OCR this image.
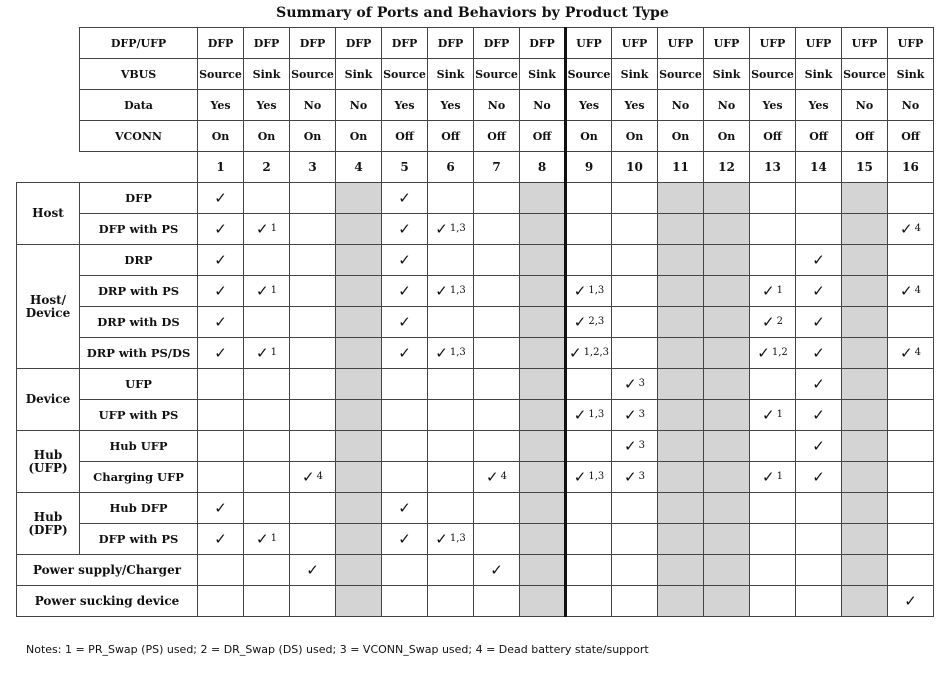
Summary of Ports and Behaviors by Product Type
	DFP/UFP	DFP	DFP	DFP	DFP	DFP	DFP	DFP	DFP	UFP	UFP	UFP	UFP	UFP	UFP	UFP	UFP
	VBUS	Source	Sink	Source	Sink	Source	Sink	Source	Sink	Source	Sink	Source	Sink	Source	Sink	Source	Sink
	Data	Yes	Yes	No	No	Yes	Yes	No	No	Yes	Yes	No	No	Yes	Yes	No	No
	VCONN	On	On	On	On	Off	Off	Off	Off	On	On	On	On	Off	Off	Off	Off
		1	2	3	4	5	6	7	8	9	10	11	12	13	14	15	16
Host	DFP	✓				✓											
	DFP with PS	✓	✓ $^1$			✓	✓ $^{1,3}$										✓ $^4$
Host/ Device	DRP	✓				✓									✓		
	DRP with PS	✓	✓ $^1$			✓	✓ $^{1,3}$			✓ $^{1,3}$				✓ $^1$	✓		✓ $^4$
	DRP with DS	✓				✓				✓ $^{2,3}$				✓ $^2$	✓		
	DRP with PS/DS	✓	✓ $^1$			✓	✓ $^{1,3}$			✓ $^{1,2,3}$				✓ $^{1,2}$	✓		✓ $^4$
Device	UFP										✓ $^3$				✓		
	UFP with PS									✓ $^{1,3}$	✓ $^3$			✓ $^1$	✓		
Hub (UFP)	Hub UFP										✓ $^3$				✓		
	Charging UFP			✓ $^4$				✓ $^4$		✓ $^{1,3}$	✓ $^3$			✓ $^1$	✓		
Hub (DFP)	Hub DFP	✓				✓											
	DFP with PS	✓	✓ $^1$			✓	✓ $^{1,3}$										
Power supply/Charger				✓				✓									
Power sucking device																	✓
Notes: 1 = PR_Swap (PS) used; 2 = DR_Swap (DS) used; 3 = VCONN_Swap used; 4 = Dead battery state/support
